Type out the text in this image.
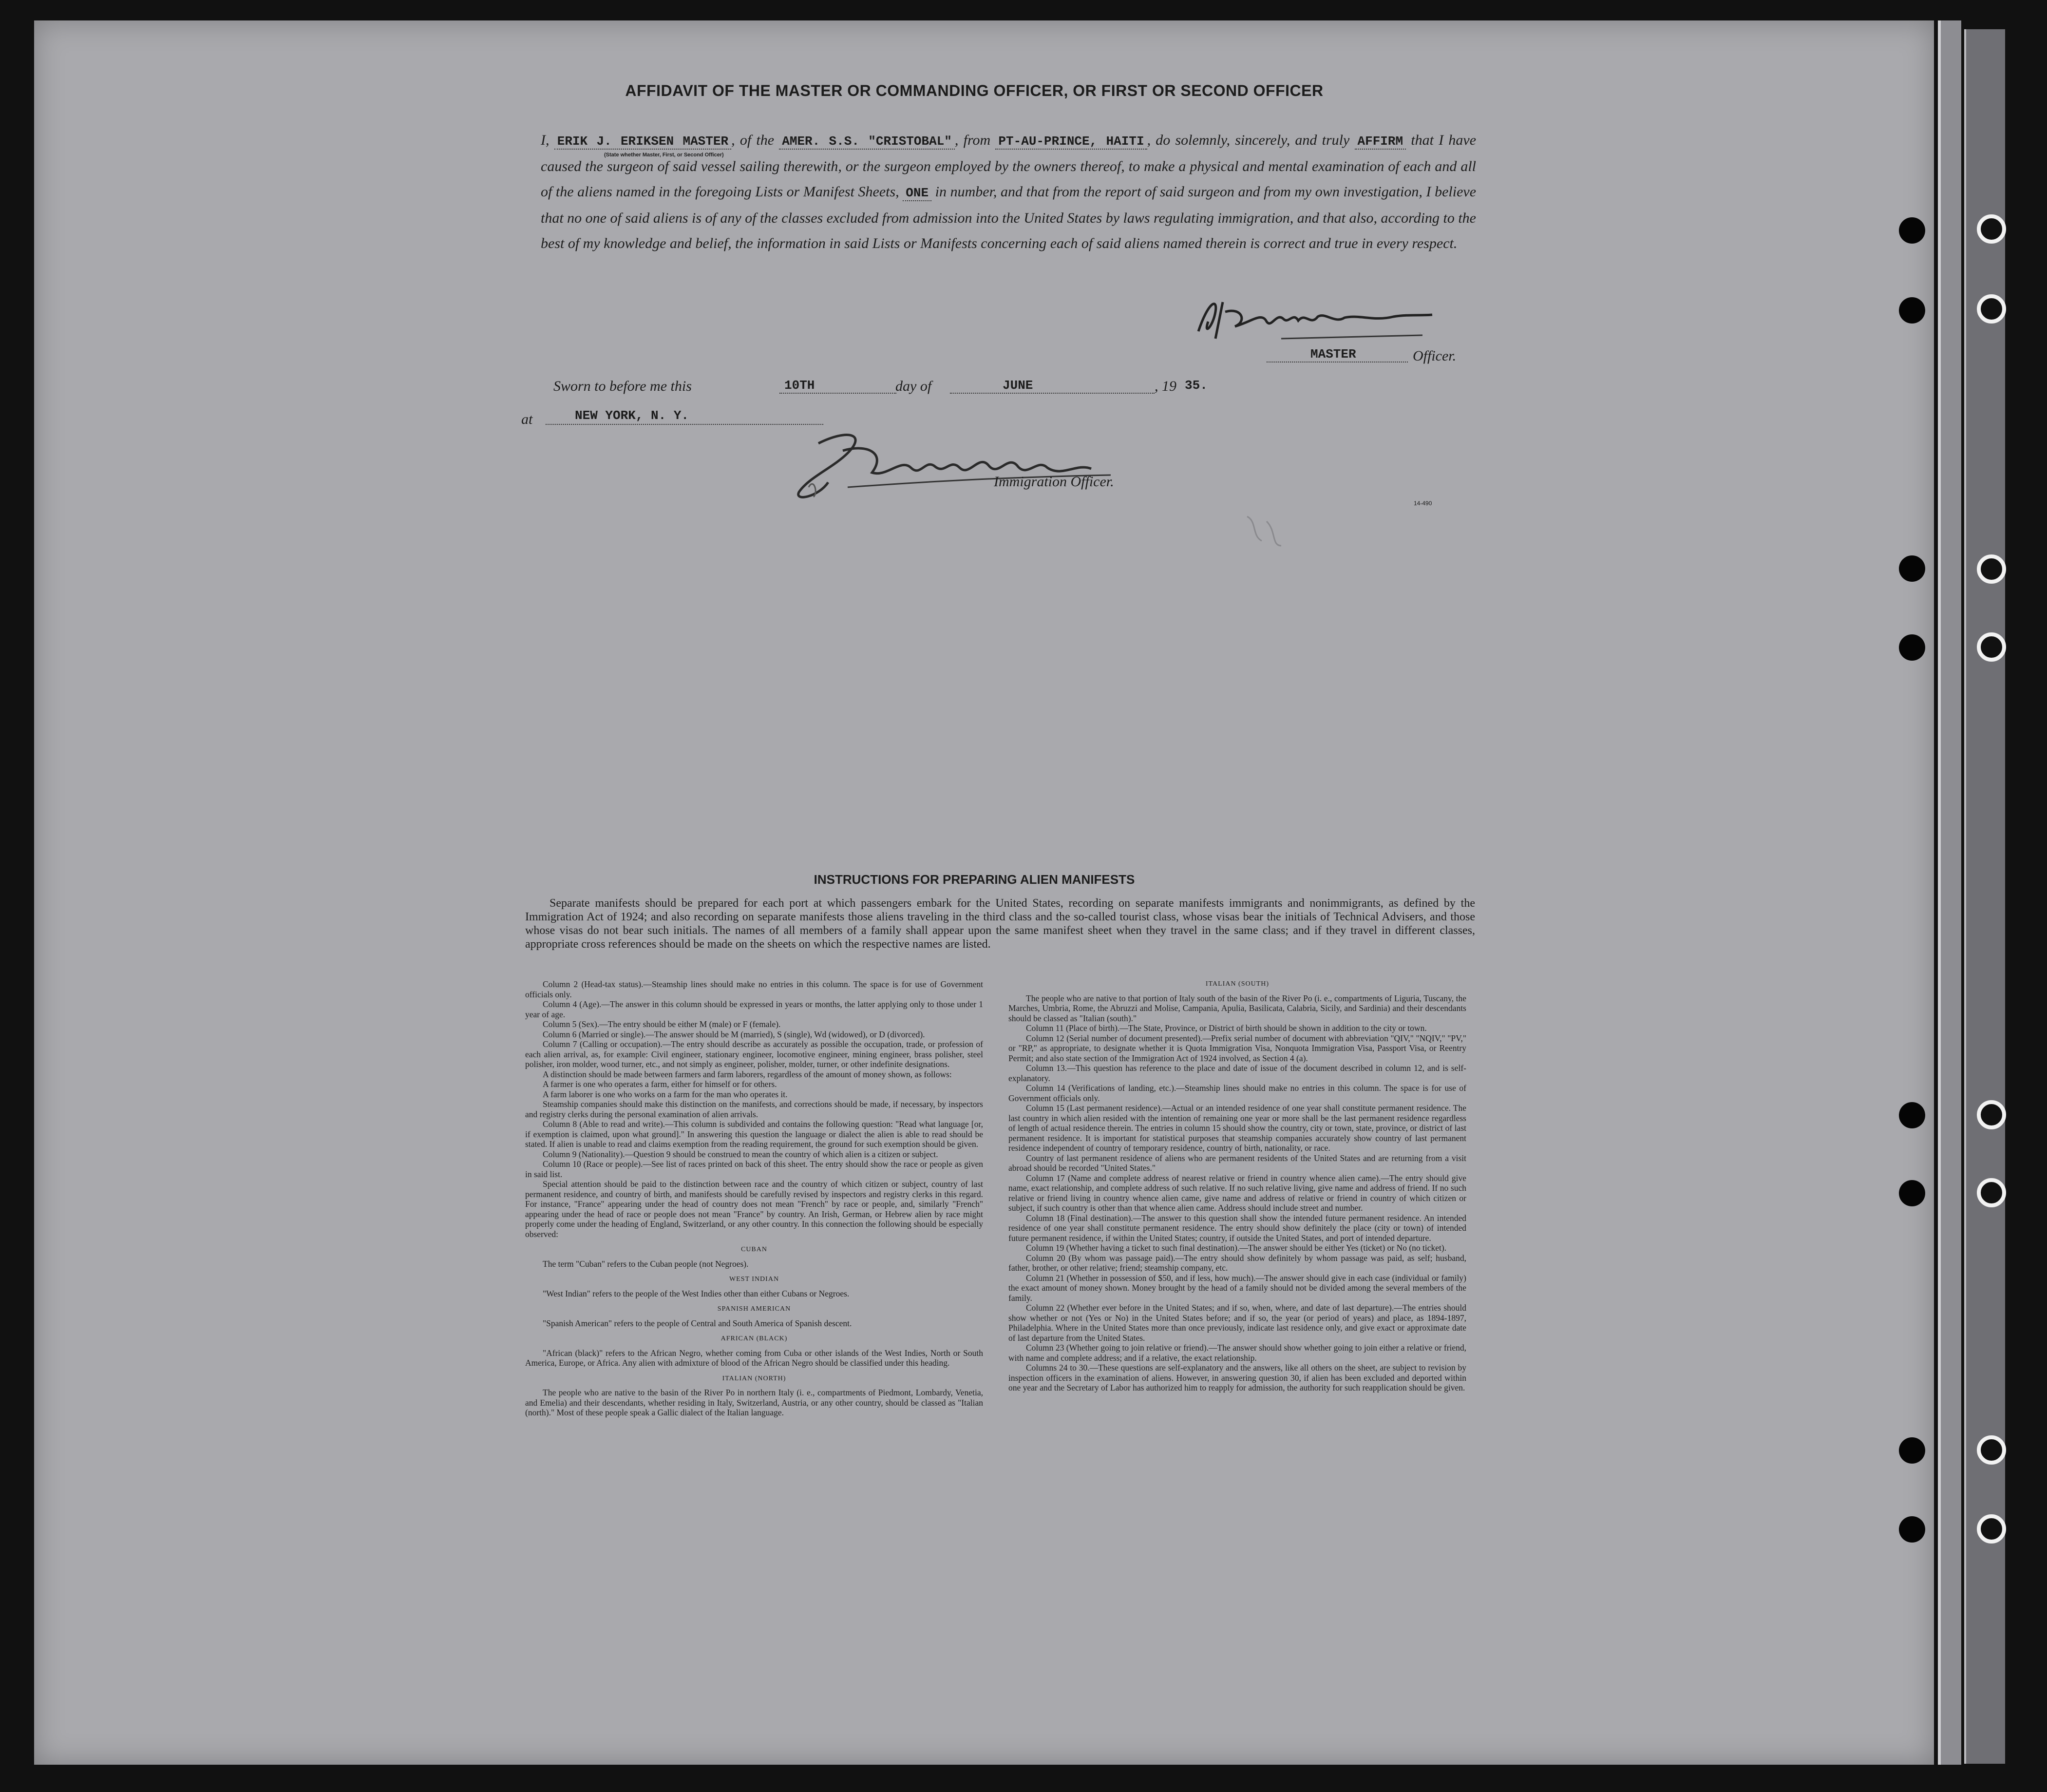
AFFIDAVIT OF THE MASTER OR COMMANDING OFFICER, OR FIRST OR SECOND OFFICER
I, ERIK J. ERIKSEN MASTER , of the AMER. S.S. "CRISTOBAL" , from PT-AU-PRINCE, HAITI , do solemnly, sincerely, and truly AFFIRM that I have caused the surgeon of said vessel sailing therewith, or the surgeon employed by the owners thereof, to make a physical and mental examination of each and all of the aliens named in the foregoing Lists or Manifest Sheets, ONE in number, and that from the report of said surgeon and from my own investigation, I believe that no one of said aliens is of any of the classes excluded from admission into the United States by laws regulating immigration, and that also, according to the best of my knowledge and belief, the information in said Lists or Manifests concerning each of said aliens named therein is correct and true in every respect.
(State whether Master, First, or Second Officer)
MASTER	Officer.
Sworn to before me this	10TH	day of	JUNE	, 19 35.
at	NEW YORK, N. Y.
Immigration Officer.
14-490
INSTRUCTIONS FOR PREPARING ALIEN MANIFESTS
Separate manifests should be prepared for each port at which passengers embark for the United States, recording on separate manifests immigrants and nonimmigrants, as defined by the Immigration Act of 1924; and also recording on separate manifests those aliens traveling in the third class and the so-called tourist class, whose visas bear the initials of Technical Advisers, and those whose visas do not bear such initials. The names of all members of a family shall appear upon the same manifest sheet when they travel in the same class; and if they travel in different classes, appropriate cross references should be made on the sheets on which the respective names are listed.

Column 2 (Head-tax status).—Steamship lines should make no entries in this column. The space is for use of Government officials only.

Column 4 (Age).—The answer in this column should be expressed in years or months, the latter applying only to those under 1 year of age.

Column 5 (Sex).—The entry should be either M (male) or F (female).

Column 6 (Married or single).—The answer should be M (married), S (single), Wd (widowed), or D (divorced).

Column 7 (Calling or occupation).—The entry should describe as accurately as possible the occupation, trade, or profession of each alien arrival, as, for example: Civil engineer, stationary engineer, locomotive engineer, mining engineer, brass polisher, steel polisher, iron molder, wood turner, etc., and not simply as engineer, polisher, molder, turner, or other indefinite designations.

A distinction should be made between farmers and farm laborers, regardless of the amount of money shown, as follows:

A farmer is one who operates a farm, either for himself or for others.

A farm laborer is one who works on a farm for the man who operates it.

Steamship companies should make this distinction on the manifests, and corrections should be made, if necessary, by inspectors and registry clerks during the personal examination of alien arrivals.

Column 8 (Able to read and write).—This column is subdivided and contains the following question: "Read what language [or, if exemption is claimed, upon what ground]." In answering this question the language or dialect the alien is able to read should be stated. If alien is unable to read and claims exemption from the reading requirement, the ground for such exemption should be given.

Column 9 (Nationality).—Question 9 should be construed to mean the country of which alien is a citizen or subject.

Column 10 (Race or people).—See list of races printed on back of this sheet. The entry should show the race or people as given in said list.

Special attention should be paid to the distinction between race and the country of which citizen or subject, country of last permanent residence, and country of birth, and manifests should be carefully revised by inspectors and registry clerks in this regard. For instance, "France" appearing under the head of country does not mean "French" by race or people, and, similarly "French" appearing under the head of race or people does not mean "France" by country. An Irish, German, or Hebrew alien by race might properly come under the heading of England, Switzerland, or any other country. In this connection the following should be especially observed:

CUBAN

The term "Cuban" refers to the Cuban people (not Negroes).

WEST INDIAN

"West Indian" refers to the people of the West Indies other than either Cubans or Negroes.

SPANISH AMERICAN

"Spanish American" refers to the people of Central and South America of Spanish descent.

AFRICAN (BLACK)

"African (black)" refers to the African Negro, whether coming from Cuba or other islands of the West Indies, North or South America, Europe, or Africa. Any alien with admixture of blood of the African Negro should be classified under this heading.

ITALIAN (NORTH)

The people who are native to the basin of the River Po in northern Italy (i. e., compartments of Piedmont, Lombardy, Venetia, and Emelia) and their descendants, whether residing in Italy, Switzerland, Austria, or any other country, should be classed as "Italian (north)." Most of these people speak a Gallic dialect of the Italian language.

ITALIAN (SOUTH)

The people who are native to that portion of Italy south of the basin of the River Po (i. e., compartments of Liguria, Tuscany, the Marches, Umbria, Rome, the Abruzzi and Molise, Campania, Apulia, Basilicata, Calabria, Sicily, and Sardinia) and their descendants should be classed as "Italian (south)."

Column 11 (Place of birth).—The State, Province, or District of birth should be shown in addition to the city or town.

Column 12 (Serial number of document presented).—Prefix serial number of document with abbreviation "QIV," "NQIV," "PV," or "RP," as appropriate, to designate whether it is Quota Immigration Visa, Nonquota Immigration Visa, Passport Visa, or Reentry Permit; and also state section of the Immigration Act of 1924 involved, as Section 4 (a).

Column 13.—This question has reference to the place and date of issue of the document described in column 12, and is self-explanatory.

Column 14 (Verifications of landing, etc.).—Steamship lines should make no entries in this column. The space is for use of Government officials only.

Column 15 (Last permanent residence).—Actual or an intended residence of one year shall constitute permanent residence. The last country in which alien resided with the intention of remaining one year or more shall be the last permanent residence regardless of length of actual residence therein. The entries in column 15 should show the country, city or town, state, province, or district of last permanent residence. It is important for statistical purposes that steamship companies accurately show country of last permanent residence independent of country of temporary residence, country of birth, nationality, or race.

Country of last permanent residence of aliens who are permanent residents of the United States and are returning from a visit abroad should be recorded "United States."

Column 17 (Name and complete address of nearest relative or friend in country whence alien came).—The entry should give name, exact relationship, and complete address of such relative. If no such relative living, give name and address of friend. If no such relative or friend living in country whence alien came, give name and address of relative or friend in country of which citizen or subject, if such country is other than that whence alien came. Address should include street and number.

Column 18 (Final destination).—The answer to this question shall show the intended future permanent residence. An intended residence of one year shall constitute permanent residence. The entry should show definitely the place (city or town) of intended future permanent residence, if within the United States; country, if outside the United States, and port of intended departure.

Column 19 (Whether having a ticket to such final destination).—The answer should be either Yes (ticket) or No (no ticket).

Column 20 (By whom was passage paid).—The entry should show definitely by whom passage was paid, as self; husband, father, brother, or other relative; friend; steamship company, etc.

Column 21 (Whether in possession of $50, and if less, how much).—The answer should give in each case (individual or family) the exact amount of money shown. Money brought by the head of a family should not be divided among the several members of the family.

Column 22 (Whether ever before in the United States; and if so, when, where, and date of last departure).—The entries should show whether or not (Yes or No) in the United States before; and if so, the year (or period of years) and place, as 1894-1897, Philadelphia. Where in the United States more than once previously, indicate last residence only, and give exact or approximate date of last departure from the United States.

Column 23 (Whether going to join relative or friend).—The answer should show whether going to join either a relative or friend, with name and complete address; and if a relative, the exact relationship.

Columns 24 to 30.—These questions are self-explanatory and the answers, like all others on the sheet, are subject to revision by inspection officers in the examination of aliens. However, in answering question 30, if alien has been excluded and deported within one year and the Secretary of Labor has authorized him to reapply for admission, the authority for such reapplication should be given.
